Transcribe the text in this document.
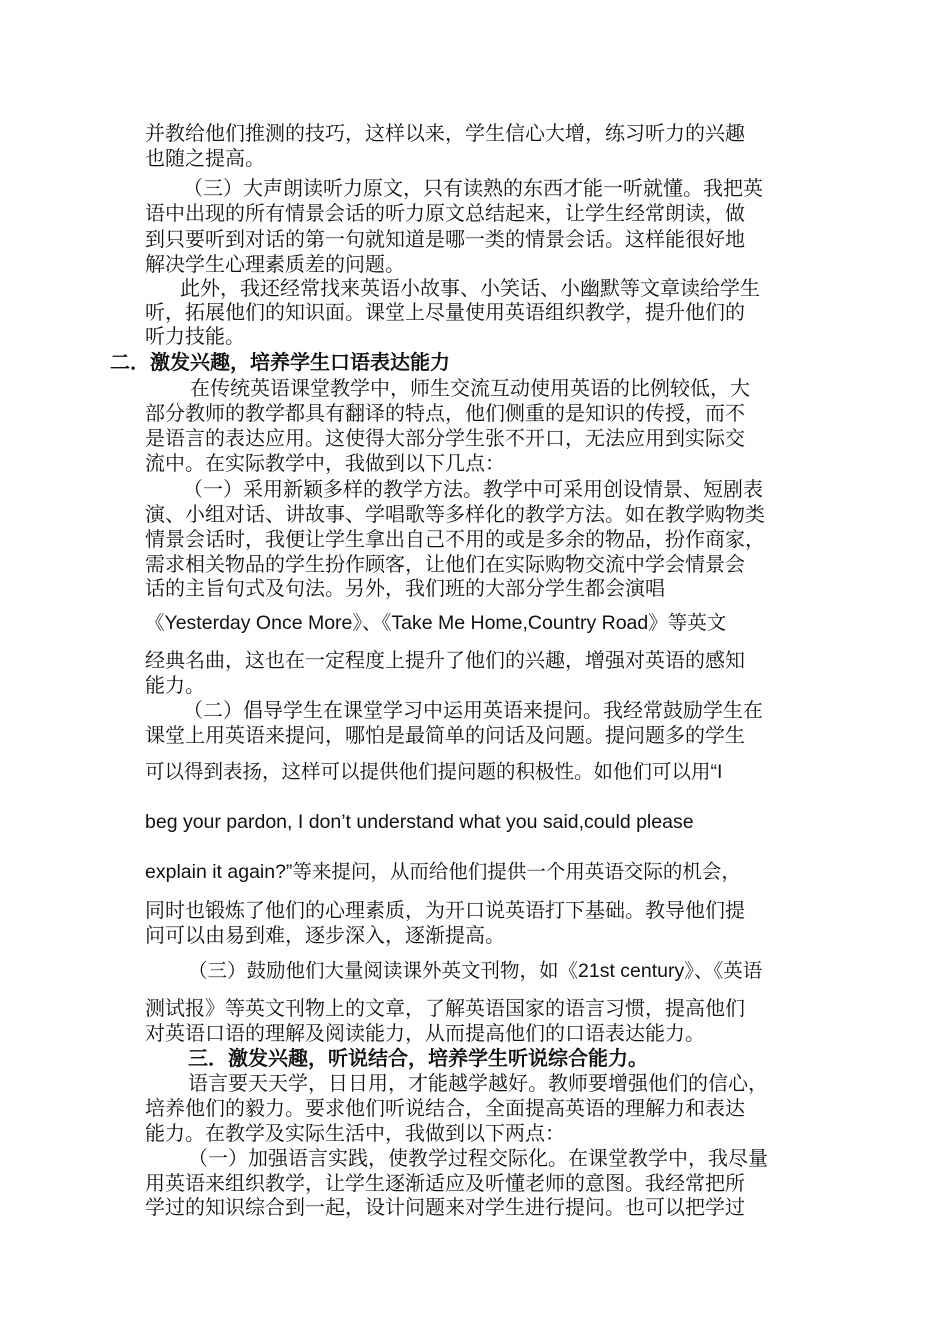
并教给他们推测的技巧，这样以来，学生信心大增，练习听力的兴趣
也随之提高。
（三）大声朗读听力原文，只有读熟的东西才能一听就懂。我把英
语中出现的所有情景会话的听力原文总结起来，让学生经常朗读，做
到只要听到对话的第一句就知道是哪一类的情景会话。这样能很好地
解决学生心理素质差的问题。
此外，我还经常找来英语小故事、小笑话、小幽默等文章读给学生
听，拓展他们的知识面。课堂上尽量使用英语组织教学，提升他们的
听力技能。
二．激发兴趣，培养学生口语表达能力
在传统英语课堂教学中，师生交流互动使用英语的比例较低，大
部分教师的教学都具有翻译的特点，他们侧重的是知识的传授，而不
是语言的表达应用。这使得大部分学生张不开口，无法应用到实际交
流中。在实际教学中，我做到以下几点：
（一）采用新颖多样的教学方法。教学中可采用创设情景、短剧表
演、小组对话、讲故事、学唱歌等多样化的教学方法。如在教学购物类
情景会话时，我便让学生拿出自己不用的或是多余的物品，扮作商家，
需求相关物品的学生扮作顾客，让他们在实际购物交流中学会情景会
话的主旨句式及句法。另外，我们班的大部分学生都会演唱
《Yesterday Once More》、《Take Me Home,Country Road》等英文
经典名曲，这也在一定程度上提升了他们的兴趣，增强对英语的感知
能力。
（二）倡导学生在课堂学习中运用英语来提问。我经常鼓励学生在
课堂上用英语来提问，哪怕是最简单的问话及问题。提问题多的学生
可以得到表扬，这样可以提供他们提问题的积极性。如他们可以用“I
beg your pardon, I don’t understand what you said,could please
explain it again?”等来提问，从而给他们提供一个用英语交际的机会，
同时也锻炼了他们的心理素质，为开口说英语打下基础。教导他们提
问可以由易到难，逐步深入，逐渐提高。
（三）鼓励他们大量阅读课外英文刊物，如《21st century》、《英语
测试报》等英文刊物上的文章，了解英语国家的语言习惯，提高他们
对英语口语的理解及阅读能力，从而提高他们的口语表达能力。
三．激发兴趣，听说结合，培养学生听说综合能力。
语言要天天学，日日用，才能越学越好。教师要增强他们的信心，
培养他们的毅力。要求他们听说结合，全面提高英语的理解力和表达
能力。在教学及实际生活中，我做到以下两点：
（一）加强语言实践，使教学过程交际化。在课堂教学中，我尽量
用英语来组织教学，让学生逐渐适应及听懂老师的意图。我经常把所
学过的知识综合到一起，设计问题来对学生进行提问。也可以把学过
